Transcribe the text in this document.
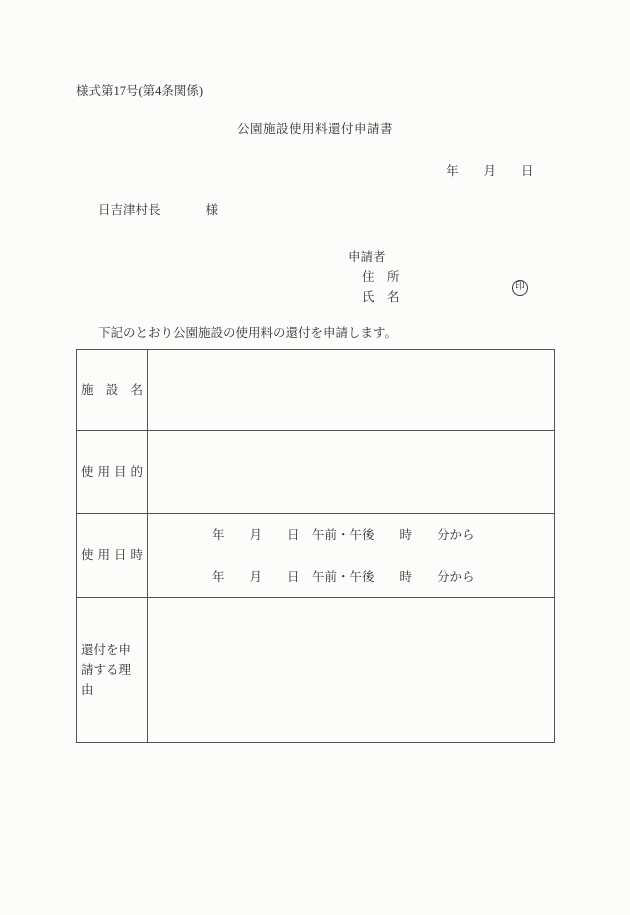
様式第17号(第4条関係)
公園施設使用料還付申請書
年　　月　　日
日吉津村長	様
申請者
住　所
氏　名
印
下記のとおり公園施設の使用料の還付を申請します。
施設名
使用目的
使用日時
年　　月　　日　午前・午後　　時　　分から
年　　月　　日　午前・午後　　時　　分から
還付を申請する理由
